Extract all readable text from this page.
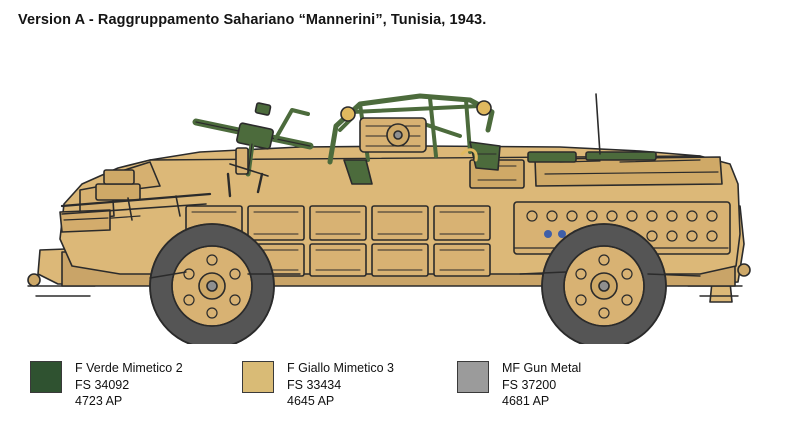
Version A - Raggruppamento Sahariano “Mannerini”, Tunisia, 1943.
F Verde Mimetico 2
FS 34092
4723 AP
F Giallo Mimetico 3
FS 33434
4645 AP
MF Gun Metal
FS 37200
4681 AP
